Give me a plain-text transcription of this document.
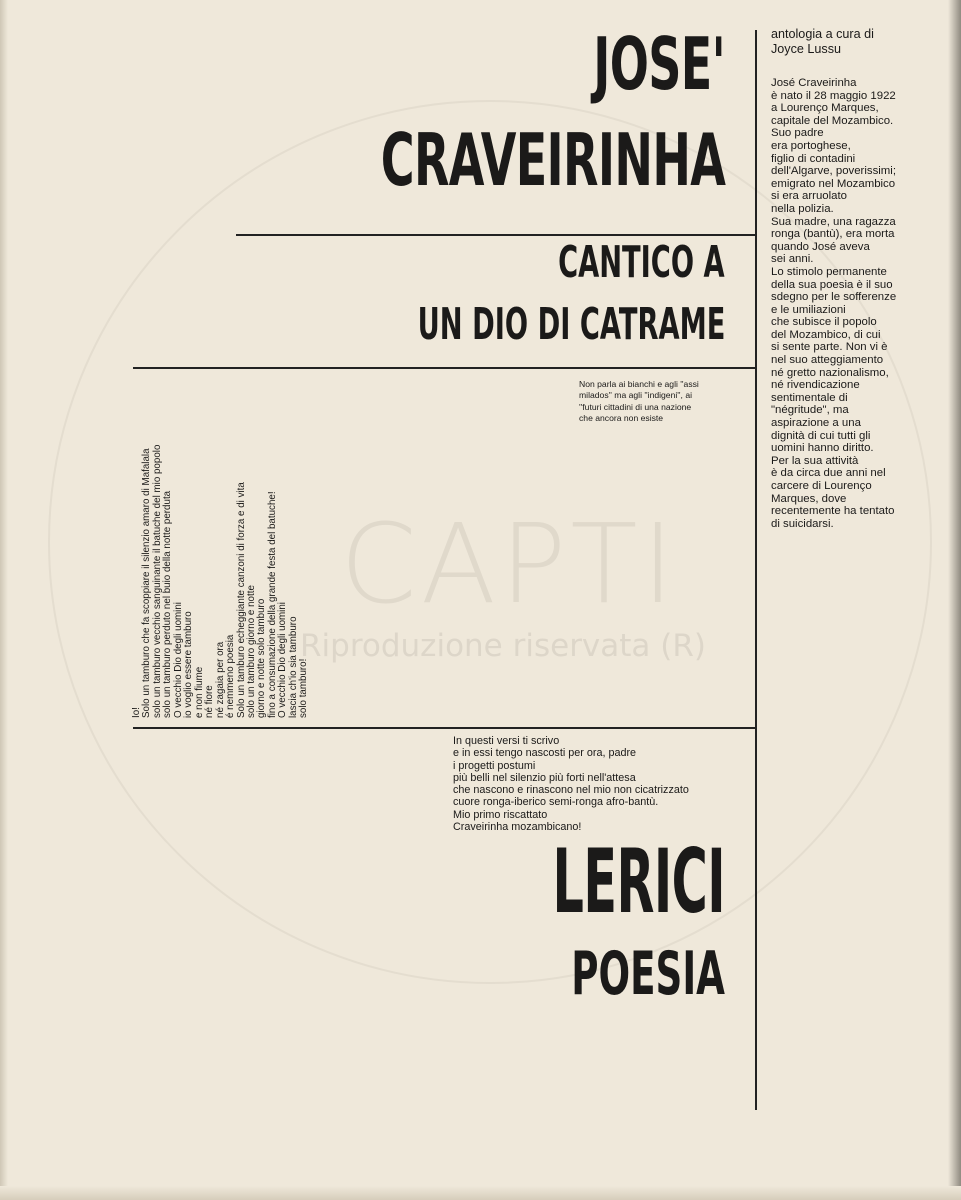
CAPTI
Riproduzione riservata (R)
JOSE'
CRAVEIRINHA
CANTICO A
UN DIO DI CATRAME

antologia a cura di
Joyce Lussu

José Craveirinha
è nato il 28 maggio 1922
a Lourenço Marques,
capitale del Mozambico.
Suo padre
era portoghese,
figlio di contadini
dell'Algarve, poverissimi;
emigrato nel Mozambico
si era arruolato
nella polizia.
Sua madre, una ragazza
ronga (bantù), era morta
quando José aveva
sei anni.
Lo stimolo permanente
della sua poesia è il suo
sdegno per le sofferenze
e le umiliazioni
che subisce il popolo
del Mozambico, di cui
si sente parte. Non vi è
nel suo atteggiamento
né gretto nazionalismo,
né rivendicazione
sentimentale di
"négritude", ma
aspirazione a una
dignità di cui tutti gli
uomini hanno diritto.
Per la sua attività
è da circa due anni nel
carcere di Lourenço
Marques, dove
recentemente ha tentato
di suicidarsi.

Non parla ai bianchi e agli ''assi
milados'' ma agli ''indigeni'', ai
''futuri cittadini di una nazione
che ancora non esiste

Io!
Solo un tamburo che fa scoppiare il silenzio amaro di Mafalala
solo un tamburo vecchio sanguinante il batuche del mio popolo
solo un tamburo perduto nel buio della notte perduta
O vecchio Dio degli uomini
io voglio essere tamburo
e non fiume
né fiore
né zagaia per ora
é nemmeno poesia
Solo un tamburo echeggiante canzoni di forza e di vita
solo un tamburo giorno e notte
giorno e notte solo tamburo
fino a consumazione della grande festa del batuche!
O vecchio Dio degli uomini
lascia ch'io sia tamburo
solo tamburo!

In questi versi ti scrivo
e in essi tengo nascosti per ora, padre
i progetti postumi
più belli nel silenzio più forti nell'attesa
che nascono e rinascono nel mio non cicatrizzato
cuore ronga-iberico semi-ronga afro-bantù.
Mio primo riscattato
Craveirinha mozambicano!

LERICI
POESIA
